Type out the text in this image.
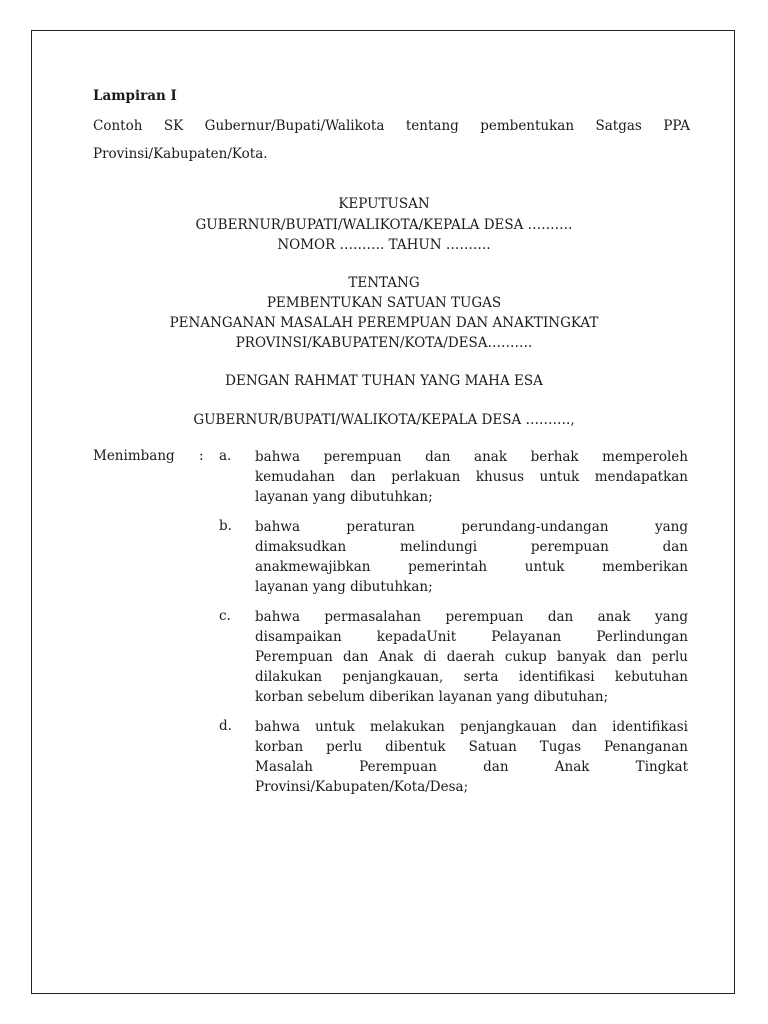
Lampiran I
Contoh SK Gubernur/Bupati/Walikota tentang pembentukan Satgas PPA
Provinsi/Kabupaten/Kota.
KEPUTUSAN
GUBERNUR/BUPATI/WALIKOTA/KEPALA DESA ……….
NOMOR ………. TAHUN ……….
TENTANG
PEMBENTUKAN SATUAN TUGAS
PENANGANAN MASALAH PEREMPUAN DAN ANAKTINGKAT
PROVINSI/KABUPATEN/KOTA/DESA……….
DENGAN RAHMAT TUHAN YANG MAHA ESA
GUBERNUR/BUPATI/WALIKOTA/KEPALA DESA ……….,
Menimbang : a. bahwa perempuan dan anak berhak memperoleh
kemudahan dan perlakuan khusus untuk mendapatkan
layanan yang dibutuhkan;
b. bahwa peraturan perundang-undangan yang
dimaksudkan melindungi perempuan dan
anakmewajibkan pemerintah untuk memberikan
layanan yang dibutuhkan;
c. bahwa permasalahan perempuan dan anak yang
disampaikan kepadaUnit Pelayanan Perlindungan
Perempuan dan Anak di daerah cukup banyak dan perlu
dilakukan penjangkauan, serta identifikasi kebutuhan
korban sebelum diberikan layanan yang dibutuhan;
d. bahwa untuk melakukan penjangkauan dan identifikasi
korban perlu dibentuk Satuan Tugas Penanganan
Masalah Perempuan dan Anak Tingkat
Provinsi/Kabupaten/Kota/Desa;
